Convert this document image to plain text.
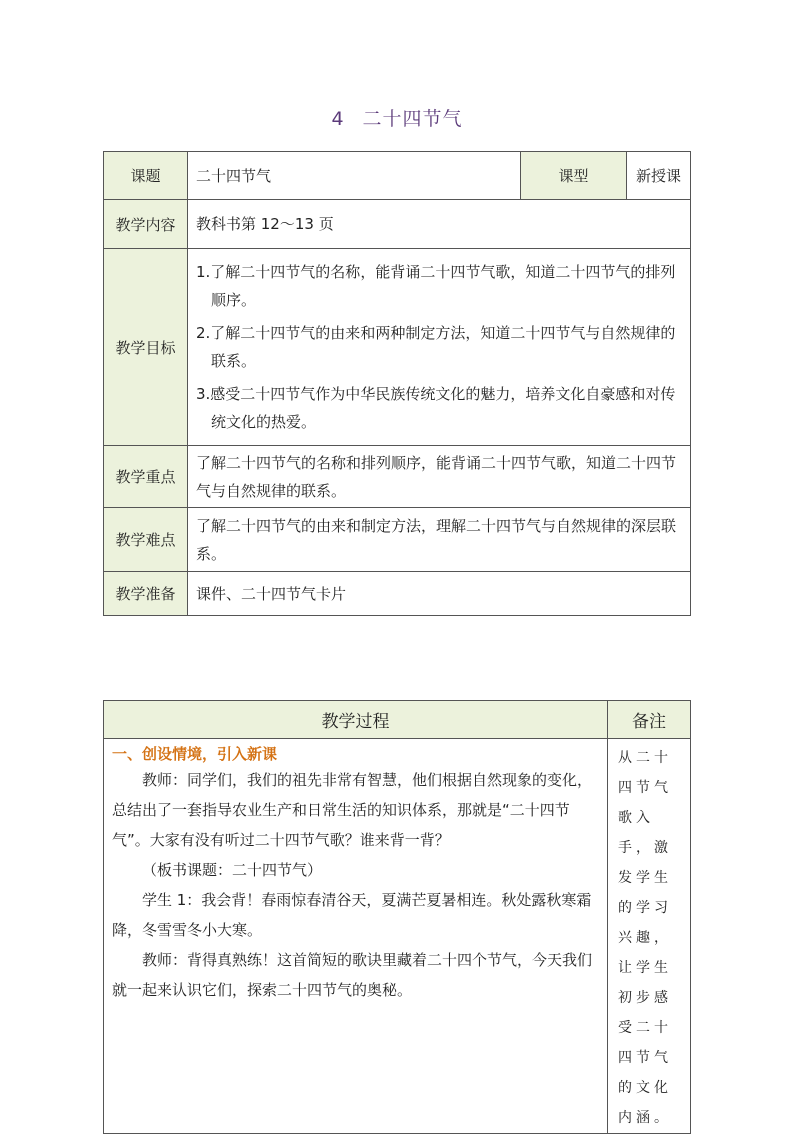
4 二十四节气
课题	二十四节气	课型	新授课
教学内容	教科书第 12～13 页		
教学目标	1.了解二十四节气的名称，能背诵二十四节气歌，知道二十四节气的排列顺序。

2.了解二十四节气的由来和两种制定方法，知道二十四节气与自然规律的联系。

3.感受二十四节气作为中华民族传统文化的魅力，培养文化自豪感和对传统文化的热爱。		

教学重点	了解二十四节气的名称和排列顺序，能背诵二十四节气歌，知道二十四节气与自然规律的联系。		
教学难点	了解二十四节气的由来和制定方法，理解二十四节气与自然规律的深层联系。		
教学准备	课件、二十四节气卡片		
教学过程	备注

一、创设情境，引入新课

教师：同学们，我们的祖先非常有智慧，他们根据自然现象的变化，总结出了一套指导农业生产和日常生活的知识体系，那就是“二十四节气”。大家有没有听过二十四节气歌？谁来背一背？

（板书课题：二十四节气）

学生 1：我会背！春雨惊春清谷天，夏满芒夏暑相连。秋处露秋寒霜降，冬雪雪冬小大寒。

教师：背得真熟练！这首简短的歌诀里藏着二十四个节气，今天我们就一起来认识它们，探索二十四节气的奥秘。	从二十四节气歌入手，激发学生的学习兴趣，让学生初步感受二十四节气的文化内涵。
